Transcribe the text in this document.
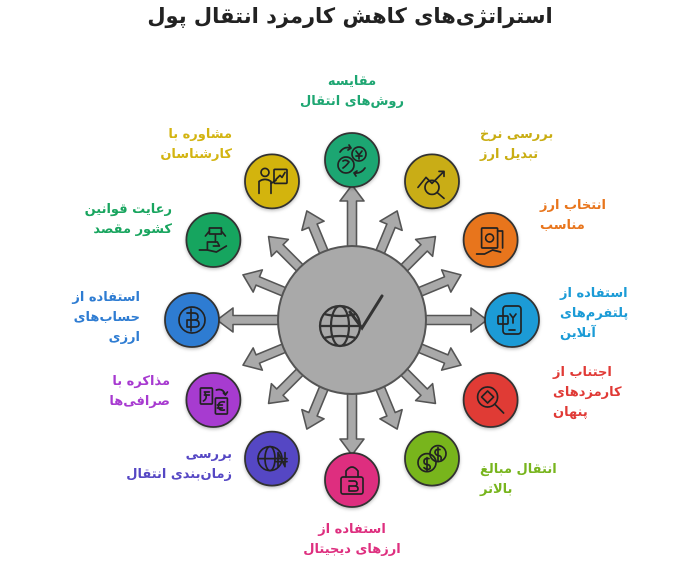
استراتژی‌های کاهش کارمزد انتقال پول
مقایسه
روش‌های انتقال
بررسی نرخ
تبدیل ارز
انتخاب ارز
مناسب
استفاده از
پلتفرم‌های
آنلاین
اجتناب از
کارمزدهای
پنهان
انتقال مبالغ
بالاتر
استفاده از
ارزهای دیجیتال
بررسی
زمان‌بندی انتقال
مذاکره با
صرافی‌ها
استفاده از
حساب‌های
ارزی
رعایت قوانین
کشور مقصد
مشاوره با
کارشناسان
